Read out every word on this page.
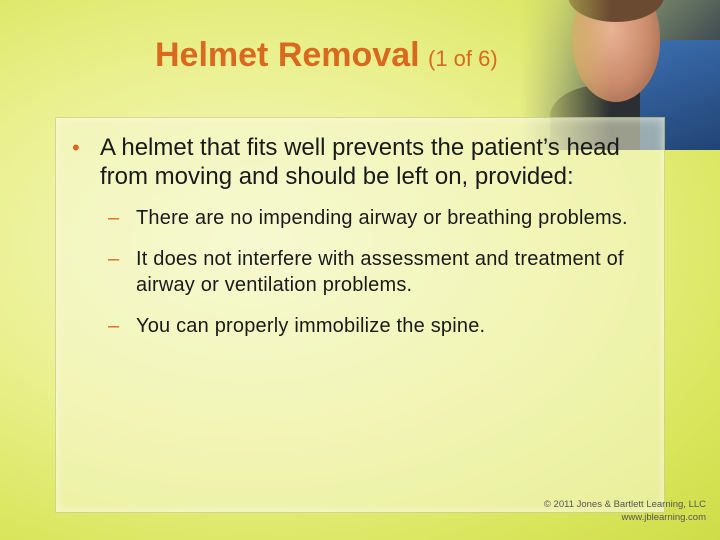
Helmet Removal (1 of 6)
• A helmet that fits well prevents the patient’s head from moving and should be left on, provided:
– There are no impending airway or breathing problems.
– It does not interfere with assessment and treatment of airway or ventilation problems.
– You can properly immobilize the spine.
© 2011 Jones & Bartlett Learning, LLC
www.jblearning.com
